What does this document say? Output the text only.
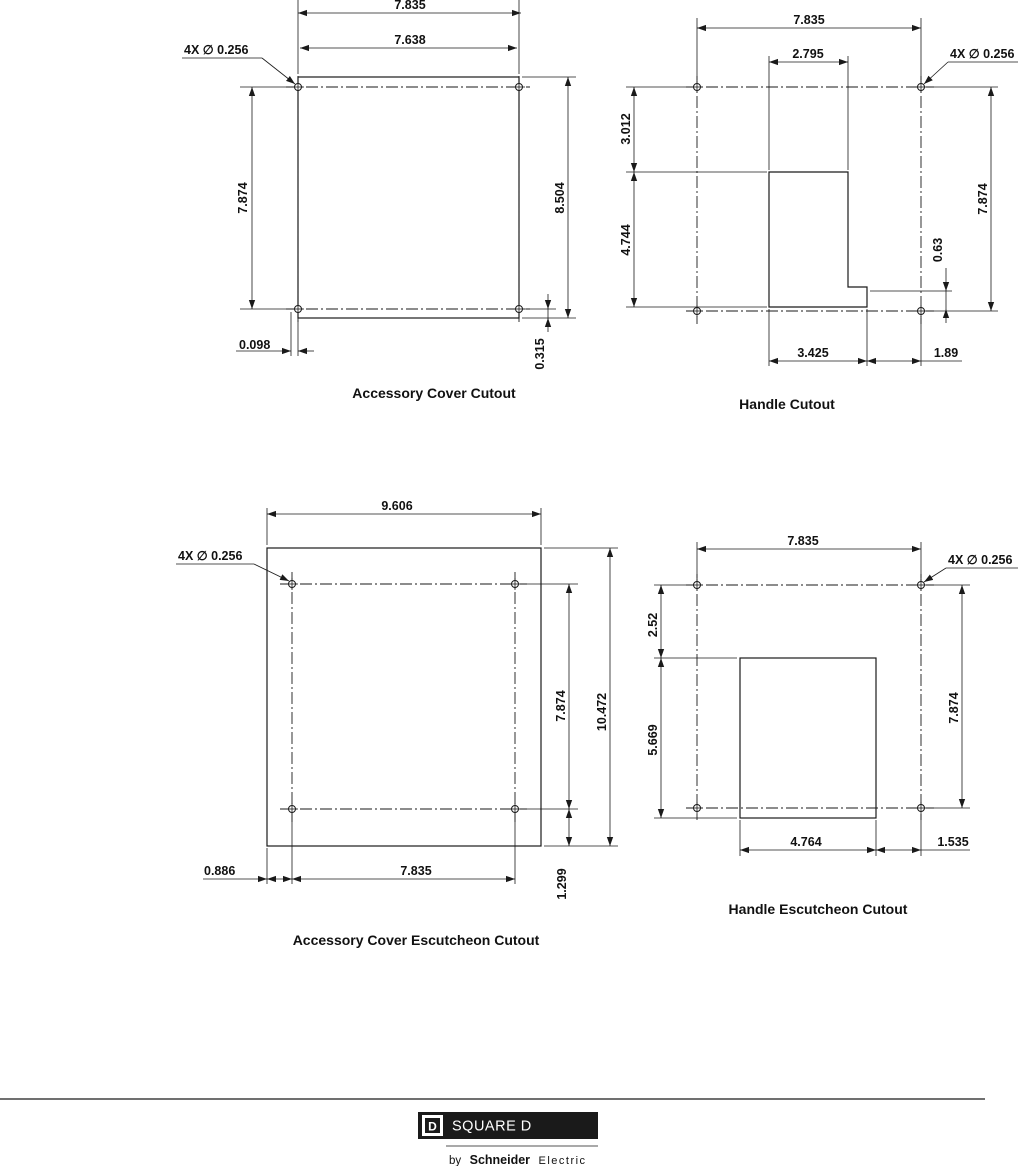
7.835
7.638
4X ∅ 0.256
7.874	8.504
0.315
0.098
Accessory Cover Cutout
7.835
2.795	4X ∅ 0.256
3.012
4.744
7.874
0.63
3.425	1.89
Handle Cutout
9.606
4X ∅ 0.256
7.874 10.472
1.299
0.886	7.835
Accessory Cover Escutcheon Cutout
7.835
4X ∅ 0.256
2.52
5.669
7.874
4.764	1.535
Handle Escutcheon Cutout
D SQUARE D
by Schneider Electric
